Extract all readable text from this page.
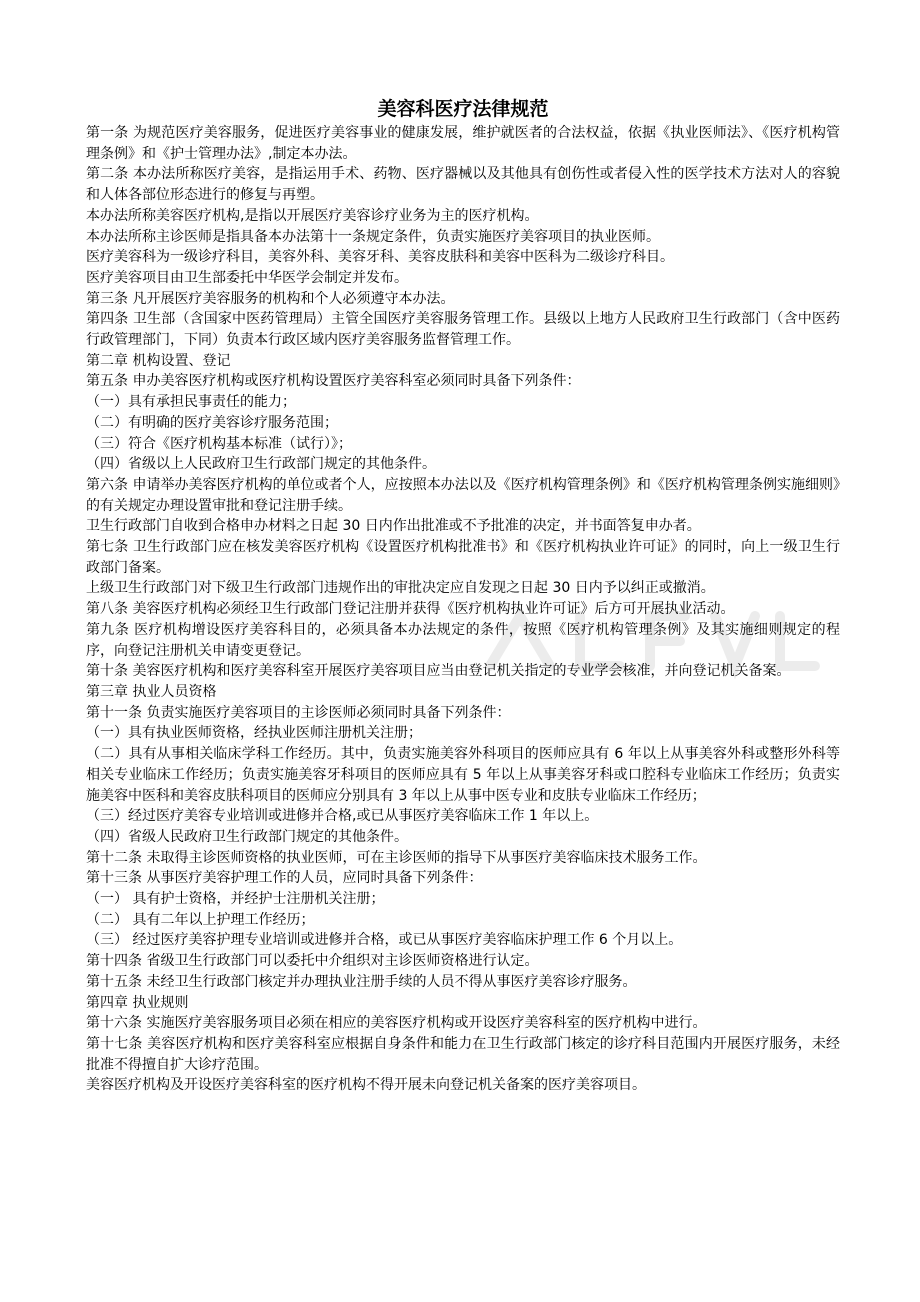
美容科医疗法律规范

第一条 为规范医疗美容服务，促进医疗美容事业的健康发展，维护就医者的合法权益，依据《执业医师法》、《医疗机构管理条例》和《护士管理办法》,制定本办法。

第二条 本办法所称医疗美容，是指运用手术、药物、医疗器械以及其他具有创伤性或者侵入性的医学技术方法对人的容貌和人体各部位形态进行的修复与再塑。

本办法所称美容医疗机构,是指以开展医疗美容诊疗业务为主的医疗机构。

本办法所称主诊医师是指具备本办法第十一条规定条件，负责实施医疗美容项目的执业医师。

医疗美容科为一级诊疗科目，美容外科、美容牙科、美容皮肤科和美容中医科为二级诊疗科目。

医疗美容项目由卫生部委托中华医学会制定并发布。

第三条 凡开展医疗美容服务的机构和个人必须遵守本办法。

第四条 卫生部（含国家中医药管理局）主管全国医疗美容服务管理工作。县级以上地方人民政府卫生行政部门（含中医药行政管理部门，下同）负责本行政区域内医疗美容服务监督管理工作。

第二章 机构设置、登记

第五条 申办美容医疗机构或医疗机构设置医疗美容科室必须同时具备下列条件：

（一）具有承担民事责任的能力；

（二）有明确的医疗美容诊疗服务范围；

（三）符合《医疗机构基本标准（试行）》；

（四）省级以上人民政府卫生行政部门规定的其他条件。

第六条 申请举办美容医疗机构的单位或者个人，应按照本办法以及《医疗机构管理条例》和《医疗机构管理条例实施细则》的有关规定办理设置审批和登记注册手续。

卫生行政部门自收到合格申办材料之日起 30 日内作出批准或不予批准的决定，并书面答复申办者。

第七条 卫生行政部门应在核发美容医疗机构《设置医疗机构批准书》和《医疗机构执业许可证》的同时，向上一级卫生行政部门备案。

上级卫生行政部门对下级卫生行政部门违规作出的审批决定应自发现之日起 30 日内予以纠正或撤消。

第八条 美容医疗机构必须经卫生行政部门登记注册并获得《医疗机构执业许可证》后方可开展执业活动。

第九条 医疗机构增设医疗美容科目的，必须具备本办法规定的条件，按照《医疗机构管理条例》及其实施细则规定的程序，向登记注册机关申请变更登记。

第十条 美容医疗机构和医疗美容科室开展医疗美容项目应当由登记机关指定的专业学会核准，并向登记机关备案。

第三章 执业人员资格

第十一条 负责实施医疗美容项目的主诊医师必须同时具备下列条件：

（一）具有执业医师资格，经执业医师注册机关注册；

（二）具有从事相关临床学科工作经历。其中，负责实施美容外科项目的医师应具有 6 年以上从事美容外科或整形外科等相关专业临床工作经历；负责实施美容牙科项目的医师应具有 5 年以上从事美容牙科或口腔科专业临床工作经历；负责实施美容中医科和美容皮肤科项目的医师应分别具有 3 年以上从事中医专业和皮肤专业临床工作经历；

（三）经过医疗美容专业培训或进修并合格,或已从事医疗美容临床工作 1 年以上。

（四）省级人民政府卫生行政部门规定的其他条件。

第十二条 未取得主诊医师资格的执业医师，可在主诊医师的指导下从事医疗美容临床技术服务工作。

第十三条 从事医疗美容护理工作的人员，应同时具备下列条件：

（一） 具有护士资格，并经护士注册机关注册；

（二） 具有二年以上护理工作经历；

（三） 经过医疗美容护理专业培训或进修并合格，或已从事医疗美容临床护理工作 6 个月以上。

第十四条 省级卫生行政部门可以委托中介组织对主诊医师资格进行认定。

第十五条 未经卫生行政部门核定并办理执业注册手续的人员不得从事医疗美容诊疗服务。

第四章 执业规则

第十六条 实施医疗美容服务项目必须在相应的美容医疗机构或开设医疗美容科室的医疗机构中进行。

第十七条 美容医疗机构和医疗美容科室应根据自身条件和能力在卫生行政部门核定的诊疗科目范围内开展医疗服务，未经批准不得擅自扩大诊疗范围。

美容医疗机构及开设医疗美容科室的医疗机构不得开展未向登记机关备案的医疗美容项目。
